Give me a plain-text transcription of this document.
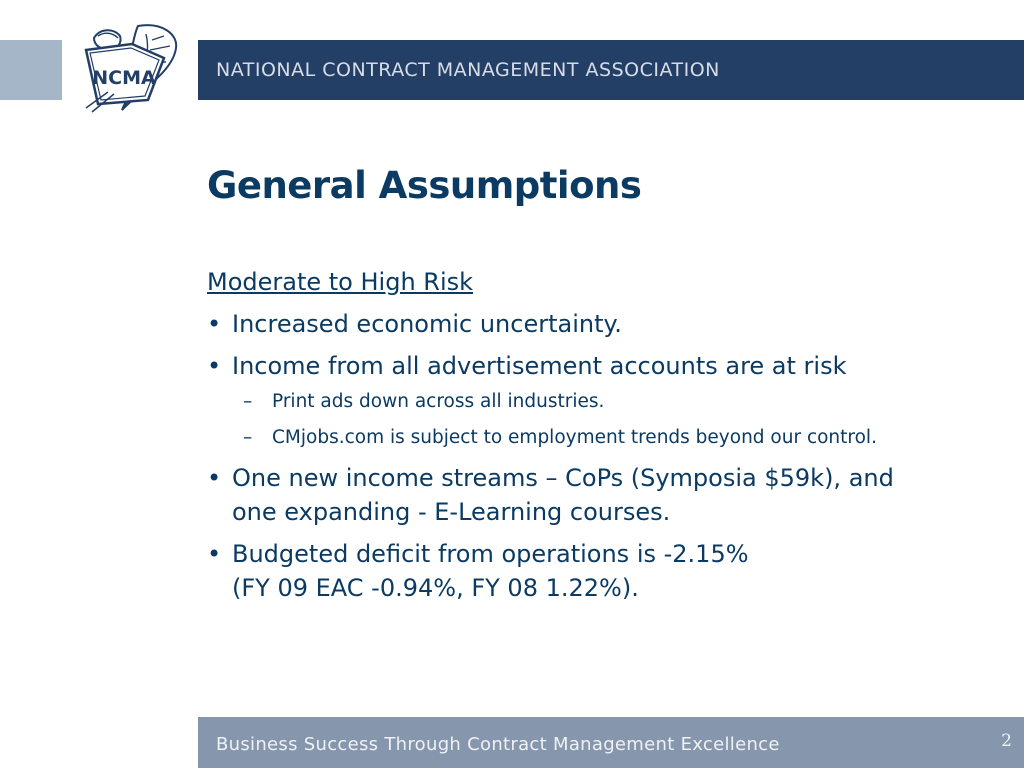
NATIONAL CONTRACT MANAGEMENT ASSOCIATION
NCMA
General Assumptions
Moderate to High Risk
• Increased economic uncertainty.
• Income from all advertisement accounts are at risk
– Print ads down across all industries.
– CMjobs.com is subject to employment trends beyond our control.
• One new income streams – CoPs (Symposia $59k), and
one expanding - E-Learning courses.
• Budgeted deficit from operations is -2.15%
(FY 09 EAC -0.94%, FY 08 1.22%).
Business Success Through Contract Management Excellence	2
